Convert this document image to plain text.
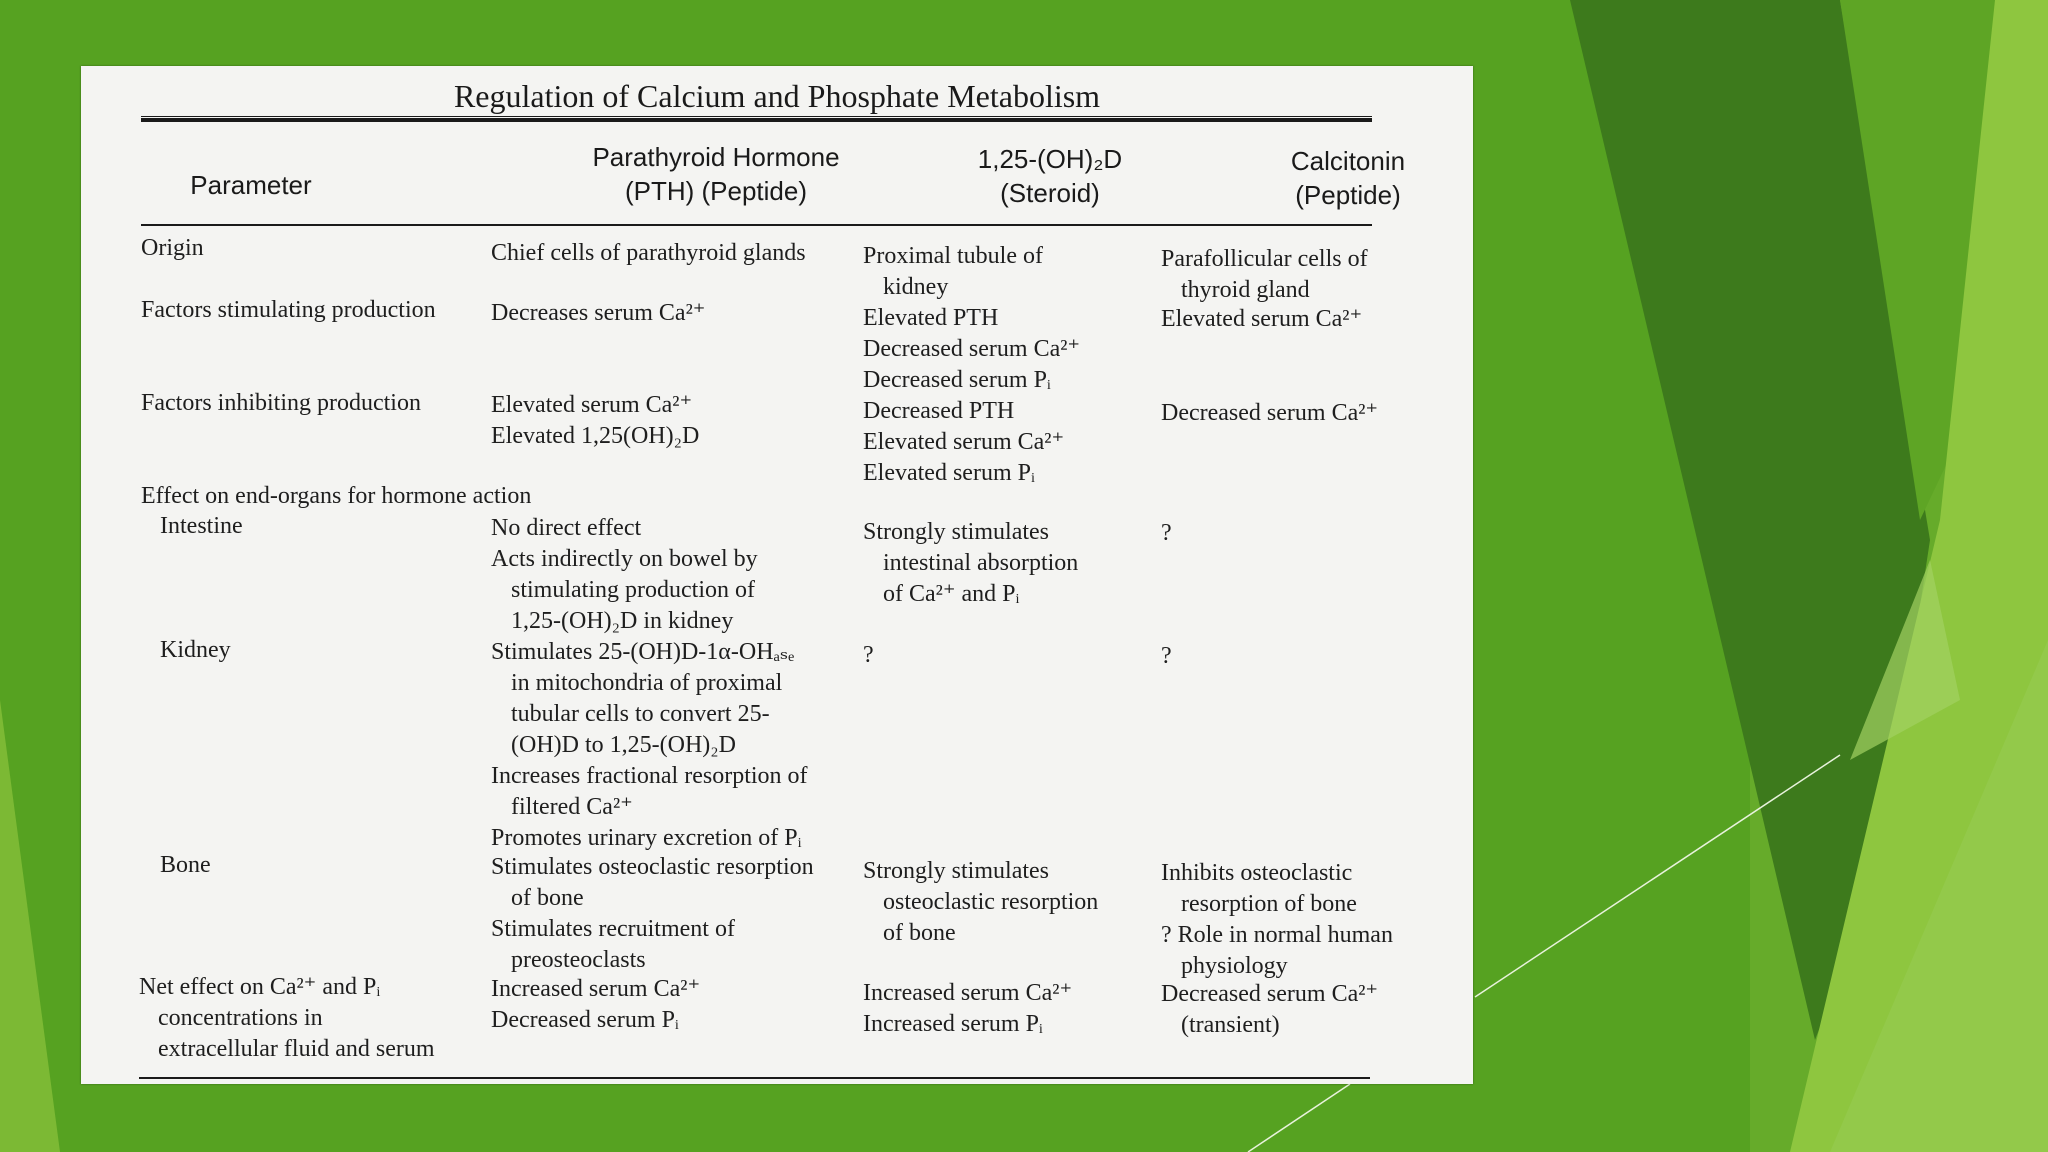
Regulation of Calcium and Phosphate Metabolism
Parameter
Parathyroid Hormone
(PTH) (Peptide)
1,25-(OH)₂D
(Steroid)
Calcitonin
(Peptide)
Origin
Factors stimulating production
Factors inhibiting production
Effect on end-organs for hormone action
Intestine
Kidney
Bone
Net effect on Ca²⁺ and Pᵢ
concentrations in
extracellular fluid and serum
Chief cells of parathyroid glands
Decreases serum Ca²⁺
Elevated serum Ca²⁺
Elevated 1,25(OH)₂D
No direct effect
Acts indirectly on bowel by
stimulating production of
1,25-(OH)₂D in kidney
Stimulates 25-(OH)D-1α-OHₐₛₑ
in mitochondria of proximal
tubular cells to convert 25-
(OH)D to 1,25-(OH)₂D
Increases fractional resorption of
filtered Ca²⁺
Promotes urinary excretion of Pᵢ
Stimulates osteoclastic resorption
of bone
Stimulates recruitment of
preosteoclasts
Increased serum Ca²⁺
Decreased serum Pᵢ
Proximal tubule of
kidney
Elevated PTH
Decreased serum Ca²⁺
Decreased serum Pᵢ
Decreased PTH
Elevated serum Ca²⁺
Elevated serum Pᵢ
Strongly stimulates
intestinal absorption
of Ca²⁺ and Pᵢ
?
Strongly stimulates
osteoclastic resorption
of bone
Increased serum Ca²⁺
Increased serum Pᵢ
Parafollicular cells of
thyroid gland
Elevated serum Ca²⁺
Decreased serum Ca²⁺
?
?
Inhibits osteoclastic
resorption of bone
? Role in normal human
physiology
Decreased serum Ca²⁺
(transient)
